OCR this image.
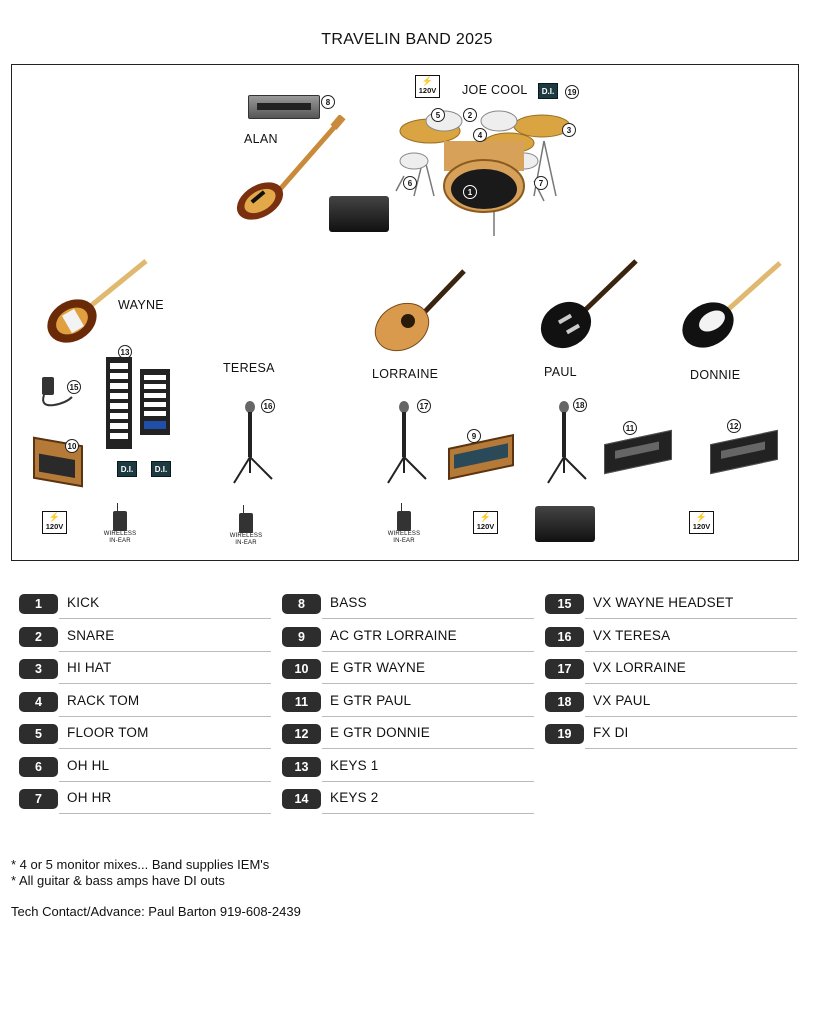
TRAVELIN BAND 2025
⚡
120V JOE COOL	D.I.	19
5	2
3
4
6	7
1
8
ALAN
WAYNE
13
D.I.	D.I.
15
10
⚡
120V
WIRELESS
IN-EAR
TERESA
16
WIRELESS
IN-EAR
LORRAINE
17
9
WIRELESS
IN-EAR
⚡
120V
PAUL
18
11
DONNIE
12
⚡
120V
1	KICK
2	SNARE
3	HI HAT
4	RACK TOM
5	FLOOR TOM
6	OH HL
7	OH HR
8	BASS
9	AC GTR LORRAINE
10	E GTR WAYNE
11	E GTR PAUL
12	E GTR DONNIE
13	KEYS 1
14	KEYS 2
15	VX WAYNE HEADSET
16	VX TERESA
17	VX LORRAINE
18	VX PAUL
19	FX DI
* 4 or 5 monitor mixes... Band supplies IEM's
* All guitar & bass amps have DI outs
Tech Contact/Advance: Paul Barton 919-608-2439
